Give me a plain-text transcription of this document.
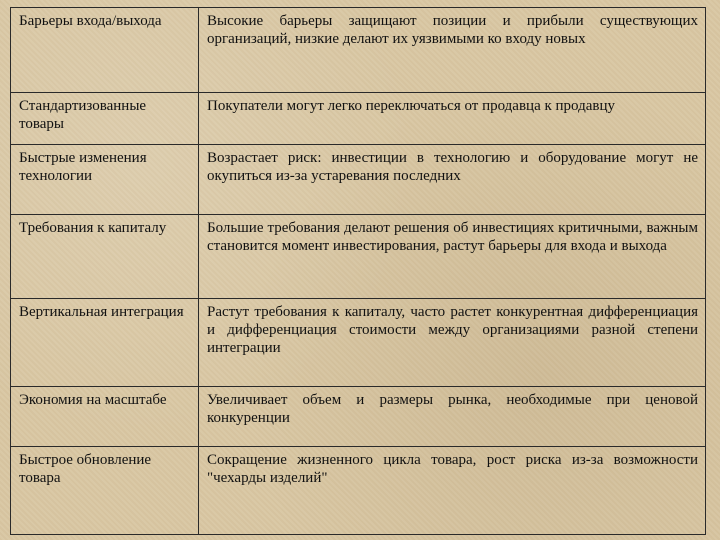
Барьеры входа/выхода	Высокие барьеры защищают позиции и прибыли существующих организаций, низкие делают их уязвимыми ко входу новых
Стандартизованные товары	Покупатели могут легко переключаться от продавца к продавцу
Быстрые изменения технологии	Возрастает риск: инвестиции в технологию и оборудование могут не окупиться из-за устаревания последних
Требования к капиталу	Большие требования делают решения об инвестициях критичными, важным становится момент инвестирования, растут барьеры для входа и выхода
Вертикальная интеграция	Растут требования к капиталу, часто растет конкурентная дифференциация и дифференциация стоимости между организациями разной степени интеграции
Экономия на масштабе	Увеличивает объем и размеры рынка, необходимые при ценовой конкуренции
Быстрое обновление товара	Сокращение жизненного цикла товара, рост риска из-за возможности "чехарды изделий"
